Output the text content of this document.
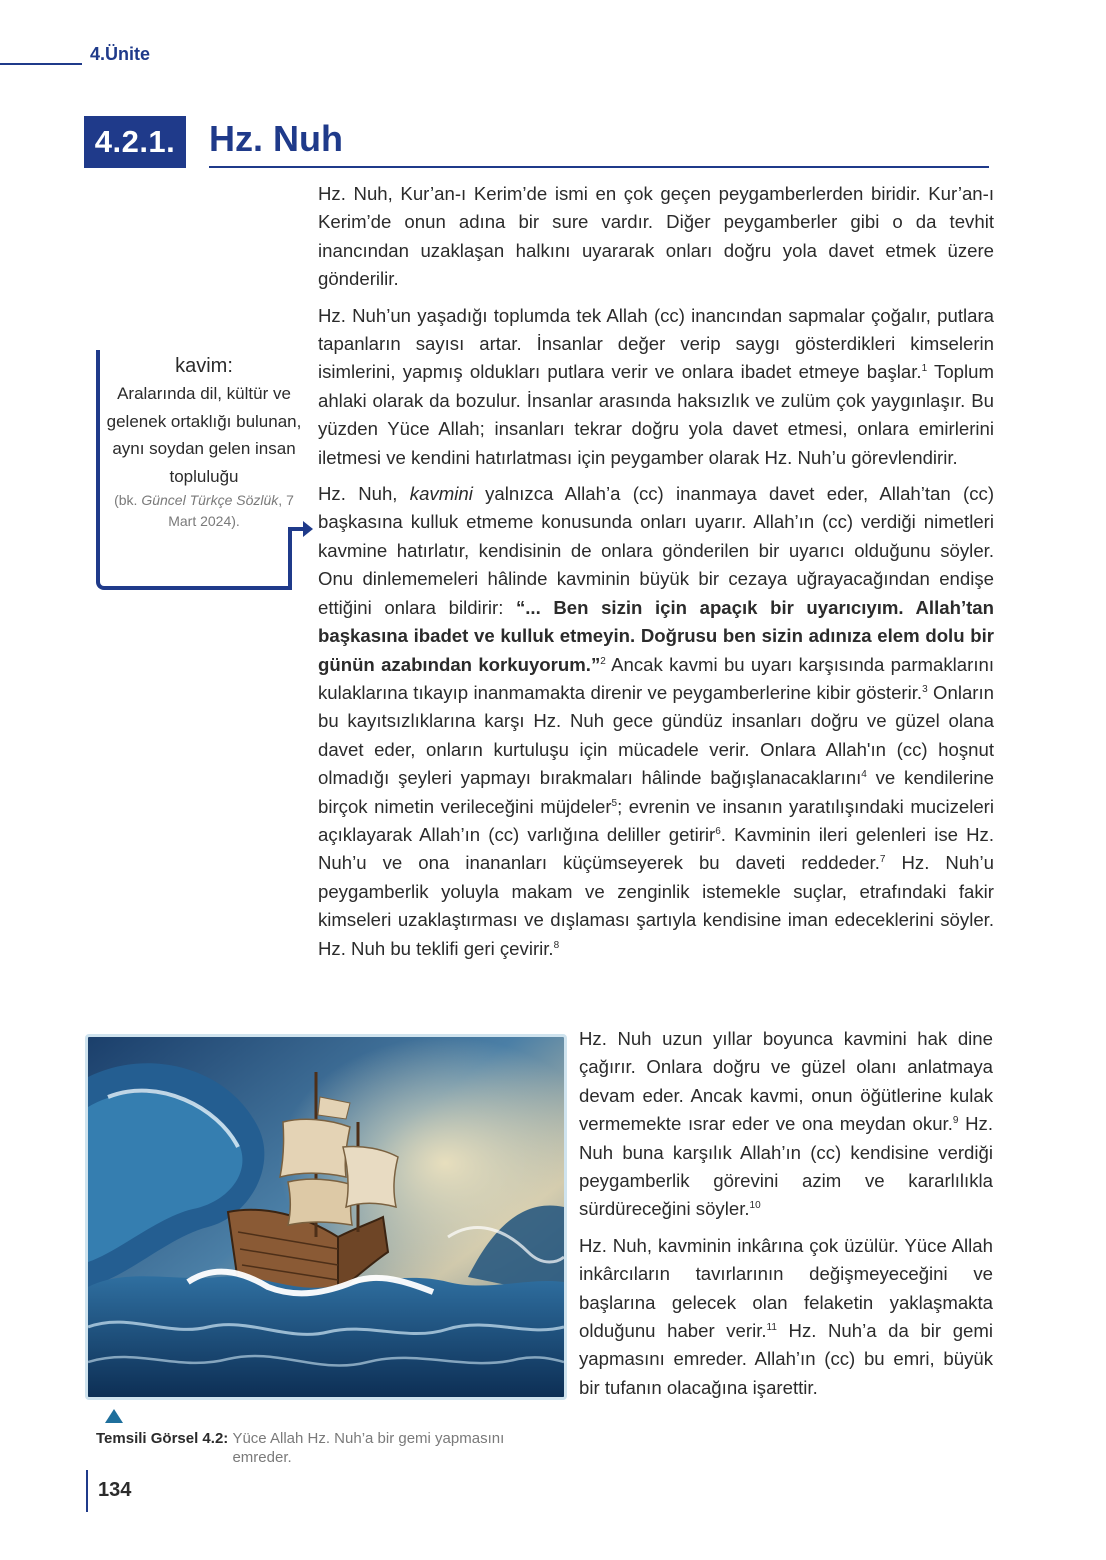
4.Ünite
4.2.1. Hz. Nuh

Hz. Nuh, Kur’an-ı Kerim’de ismi en çok geçen peygamberlerden biridir. Kur’an-ı Kerim’de onun adına bir sure vardır. Diğer peygamberler gibi o da tevhit inancından uzaklaşan halkını uyararak onları doğru yola davet etmek üzere gönderilir.

Hz. Nuh’un yaşadığı toplumda tek Allah (cc) inancından sapmalar çoğalır, putlara tapanların sayısı artar. İnsanlar değer verip saygı gösterdikleri kimselerin isimlerini, yapmış oldukları putlara verir ve onlara ibadet etmeye başlar.$^1$ Toplum ahlaki olarak da bozulur. İnsanlar arasında haksızlık ve zulüm çok yaygınlaşır. Bu yüzden Yüce Allah; insanları tekrar doğru yola davet etmesi, onlara emirlerini iletmesi ve kendini hatırlatması için peygamber olarak Hz. Nuh’u görevlendirir.

Hz. Nuh, kavmini yalnızca Allah’a (cc) inanmaya davet eder, Allah’tan (cc) başkasına kulluk etmeme konusunda onları uyarır. Allah’ın (cc) verdiği nimetleri kavmine hatırlatır, kendisinin de onlara gönderilen bir uyarıcı olduğunu söyler. Onu dinlememeleri hâlinde kavminin büyük bir cezaya uğrayacağından endişe ettiğini onlara bildirir: “... Ben sizin için apaçık bir uyarıcıyım. Allah’tan başkasına ibadet ve kulluk etmeyin. Doğrusu ben sizin adınıza elem dolu bir günün azabından korkuyorum.”$^2$ Ancak kavmi bu uyarı karşısında parmaklarını kulaklarına tıkayıp inanmamakta direnir ve peygamberlerine kibir gösterir.$^3$ Onların bu kayıtsızlıklarına karşı Hz. Nuh gece gündüz insanları doğru ve güzel olana davet eder, onların kurtuluşu için mücadele verir. Onlara Allah'ın (cc) hoşnut olmadığı şeyleri yapmayı bırakmaları hâlinde bağışlanacaklarını$^4$ ve kendilerine birçok nimetin verileceğini müjdeler$^5$; evrenin ve insanın yaratılışındaki mucizeleri açıklayarak Allah’ın (cc) varlığına deliller getirir$^6$. Kavminin ileri gelenleri ise Hz. Nuh’u ve ona inananları küçümseyerek bu daveti reddeder.$^7$ Hz. Nuh’u peygamberlik yoluyla makam ve zenginlik istemekle suçlar, etrafındaki fakir kimseleri uzaklaştırması ve dışlaması şartıyla kendisine iman edeceklerini söyler. Hz. Nuh bu teklifi geri çevirir.$^8$

kavim:
Aralarında dil, kültür ve gelenek ortaklığı bulunan, aynı soydan gelen insan topluluğu
(bk. Güncel Türkçe Sözlük, 7 Mart 2024).
Temsili Görsel 4.2: Yüce Allah Hz. Nuh’a bir gemi yapmasını emreder.

Hz. Nuh uzun yıllar boyunca kavmini hak dine çağırır. Onlara doğru ve güzel olanı anlatmaya devam eder. Ancak kavmi, onun öğütlerine kulak vermemekte ısrar eder ve ona meydan okur.$^9$ Hz. Nuh buna karşılık Allah’ın (cc) kendisine verdiği peygamberlik görevini azim ve kararlılıkla sürdüreceğini söyler.$^{10}$

Hz. Nuh, kavminin inkârına çok üzülür. Yüce Allah inkârcıların tavırlarının değişmeyeceğini ve başlarına gelecek olan felaketin yaklaşmakta olduğunu haber verir.$^{11}$ Hz. Nuh’a da bir gemi yapmasını emreder. Allah’ın (cc) bu emri, büyük bir tufanın olacağına işarettir.

134
